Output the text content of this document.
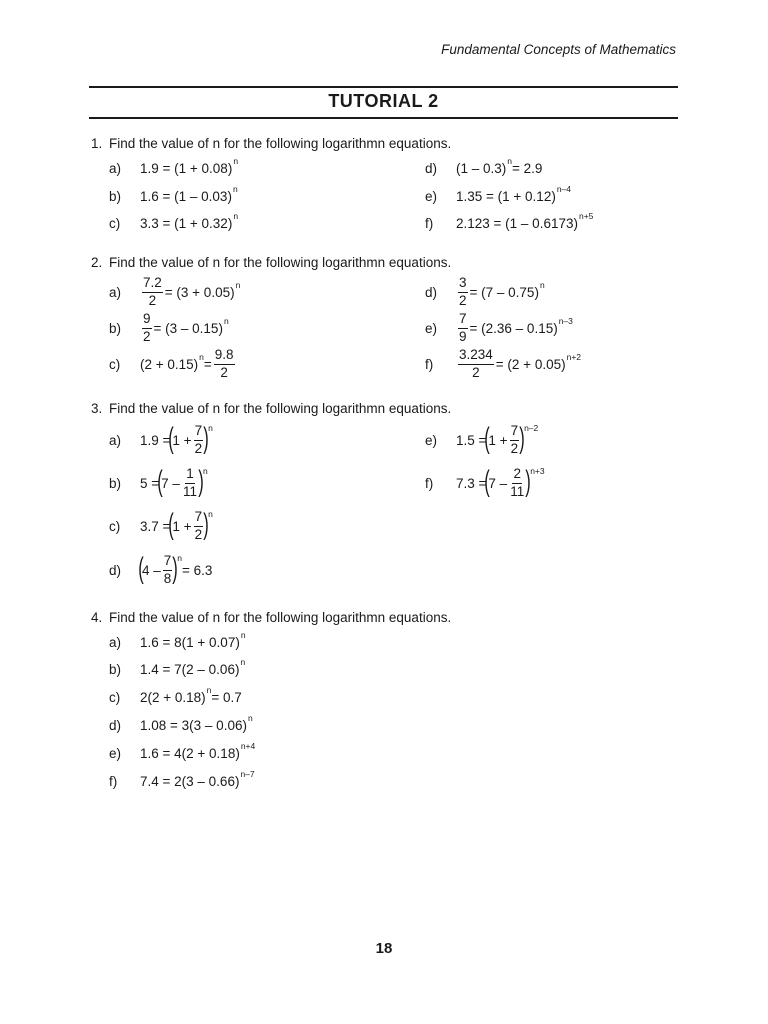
Fundamental Concepts of Mathematics
TUTORIAL 2
1. Find the value of n for the following logarithmn equations.
a)	$1.9 = (1 + 0.08)^n$
b)	1.6 = (1 – 0.03)$^n$
c)	$3.3 = (1 + 0.32)^n$
d)	(1 – 0.3)$^n$ = 2.9
e)	$1.35 = (1 + 0.12)^{n-4}$
f)	2.123 = (1 – 0.6173)$^{n+5}$
2. Find the value of n for the following logarithmn equations.
a)	$\frac{7.2}{2} = (3 + 0.05)^n$
b)	$\frac{9}{2} = (3 - 0.15)^n$
c)	$(2 + 0.15)^n = \frac{9.8}{2}$
d)	$\frac{3}{2} = (7 - 0.75)^n$
e)	$\frac{7}{9} = (2.36 - 0.15)^{n-3}$
f)	$\frac{3.234}{2} = (2 + 0.05)^{n+2}$
3. Find the value of n for the following logarithmn equations.
a)	1.9 =
(
$1 + \frac{7}{2} )^n$
b)	5 =
(
$7 - \frac{1}{11} )^n$
c)	3.7 =
(
$1 + \frac{7}{2} )^n$
d) (
$4 - \frac{7}{8} )^n$
= 6.3
e)	1.5 =
(
$1 + \frac{7}{2} )^{n-2}$
f)	7.3 =
(
$7 - \frac{2}{11} )^{n+3}$
4. Find the value of n for the following logarithmn equations.
a)	$1.6 = 8(1 + 0.07)^n$
b)	1.4 = 7(2 – 0.06)$^n$
c)	$2(2 + 0.18)^n = 0.7$
d)	1.08 = 3(3 – 0.06)$^n$
e)	$1.6 = 4(2 + 0.18)^{n+4}$
f)	7.4 = 2(3 – 0.66)$^{n-7}$
18
